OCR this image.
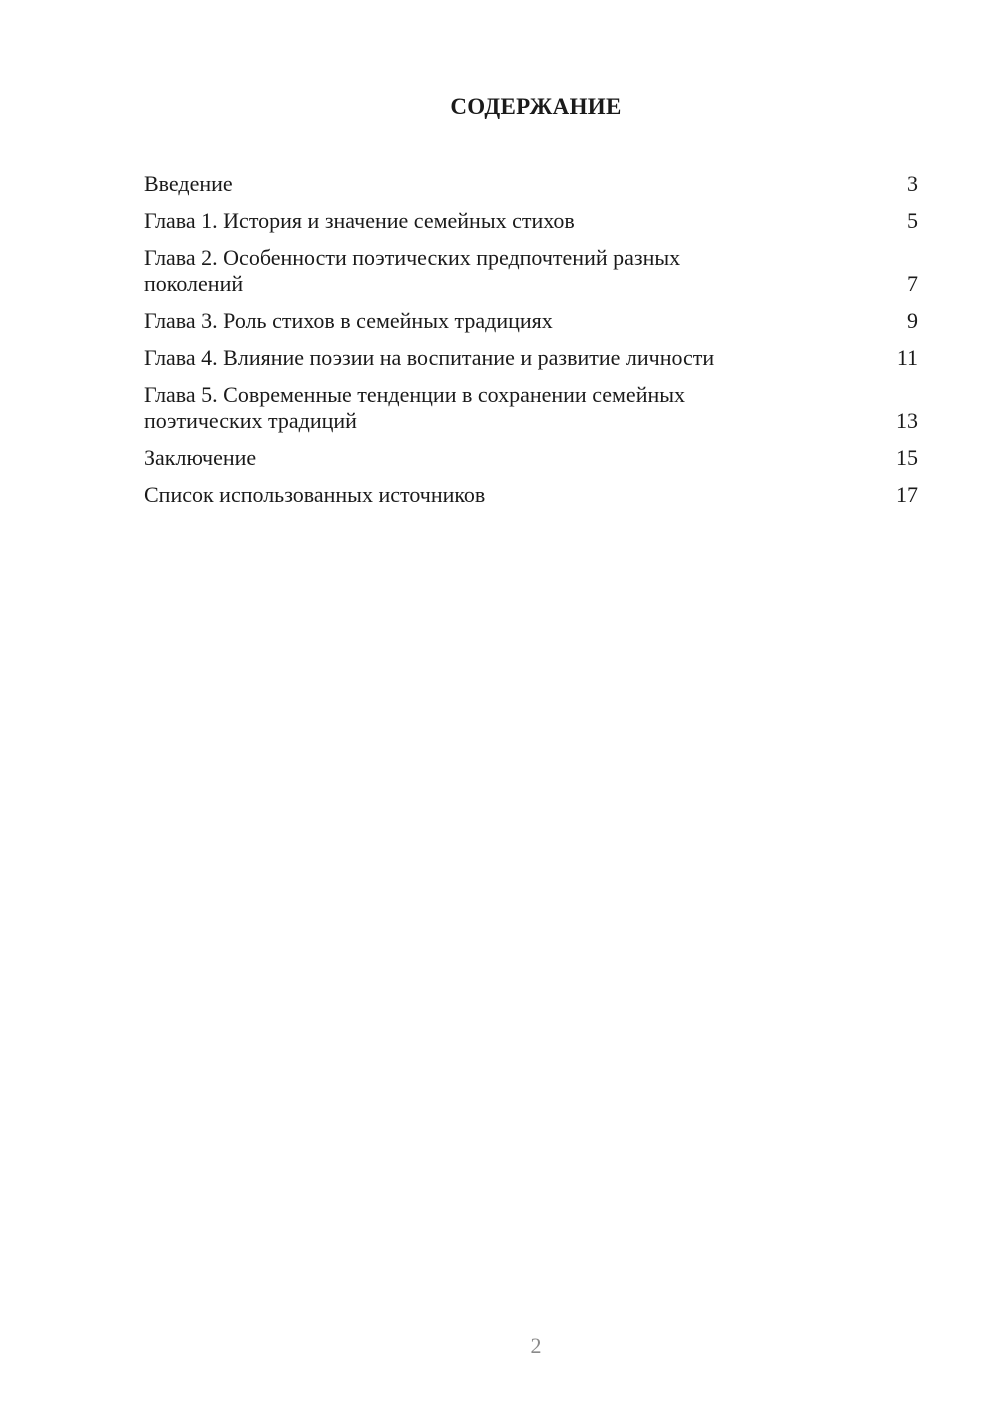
СОДЕРЖАНИЕ
Введение	3
Глава 1. История и значение семейных стихов	5
Глава 2. Особенности поэтических предпочтений разных поколений	7
Глава 3. Роль стихов в семейных традициях	9
Глава 4. Влияние поэзии на воспитание и развитие личности	11
Глава 5. Современные тенденции в сохранении семейных поэтических традиций	13
Заключение	15
Список использованных источников	17
2
